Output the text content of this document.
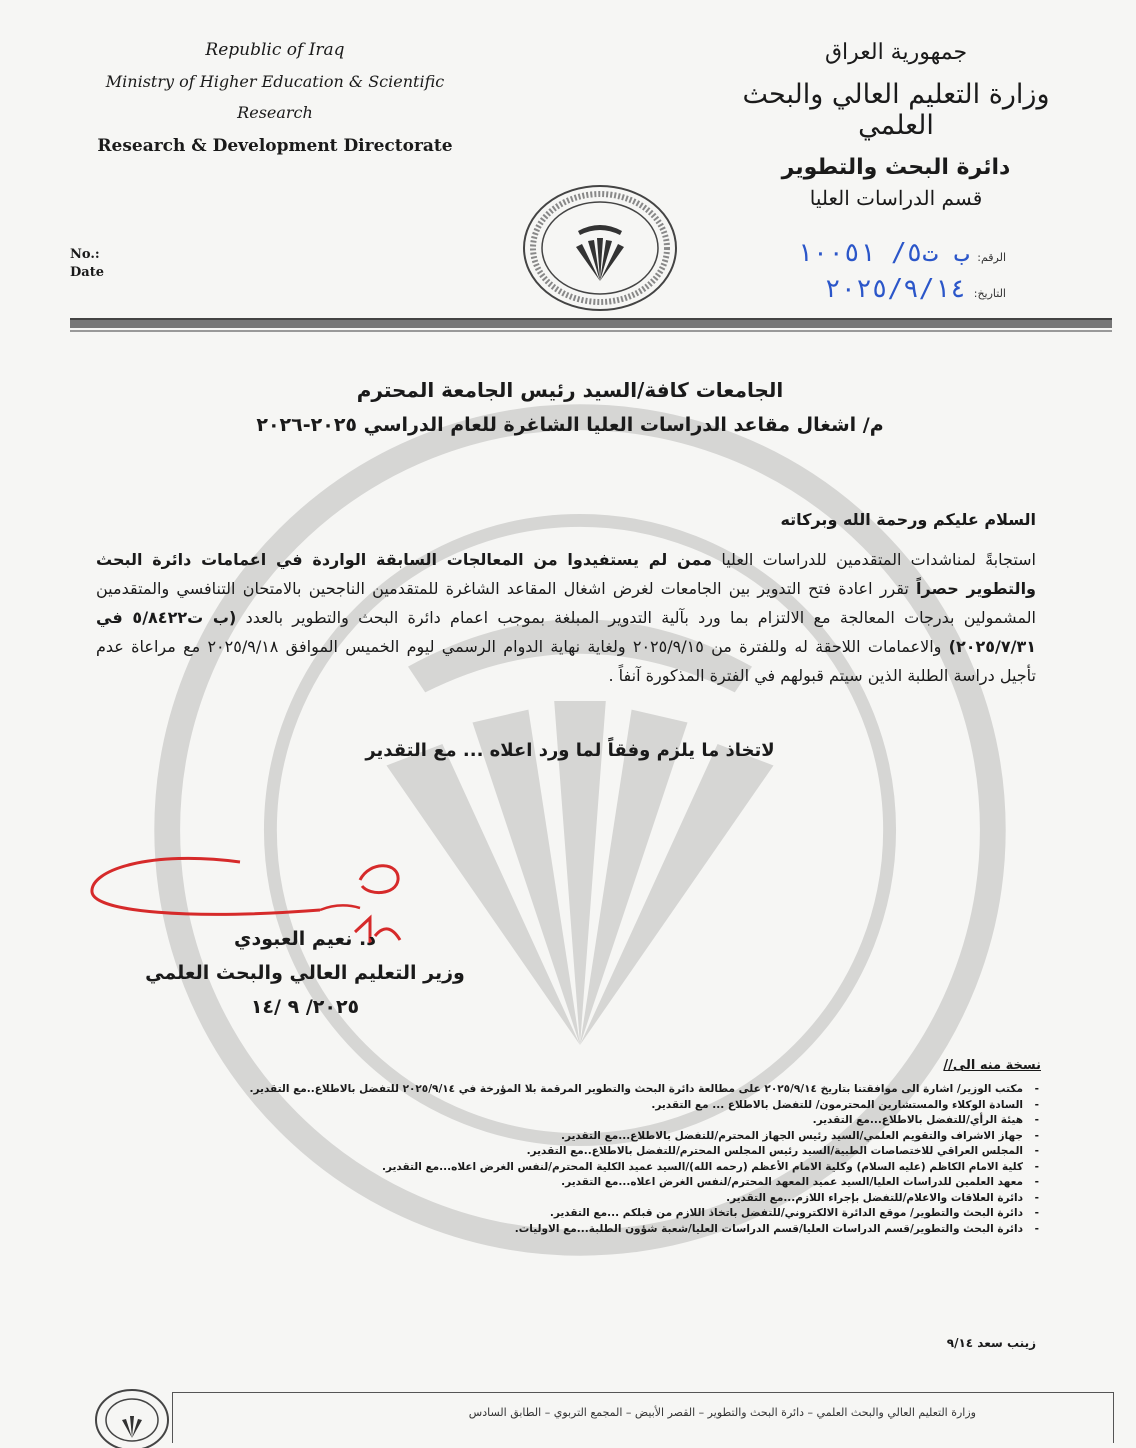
Republic of Iraq
Ministry of Higher Education & Scientific
Research
Research & Development Directorate
No.:
Date
جمهورية العراق
وزارة التعليم العالي والبحث العلمي
دائرة البحث والتطوير
قسم الدراسات العليا
الرقم:
ب ت٥/ ١٠٠٥١
التاريخ:
٢٠٢٥/٩/١٤
الجامعات كافة/السيد رئيس الجامعة المحترم
م/ اشغال مقاعد الدراسات العليا الشاغرة للعام الدراسي ٢٠٢٥-٢٠٢٦
السلام عليكم ورحمة الله وبركاته
استجابةً لمناشدات المتقدمين للدراسات العليا ممن لم يستفيدوا من المعالجات السابقة الواردة في اعمامات دائرة البحث والتطوير حصراً تقرر اعادة فتح التدوير بين الجامعات لغرض اشغال المقاعد الشاغرة للمتقدمين الناجحين بالامتحان التنافسي والمتقدمين المشمولين بدرجات المعالجة مع الالتزام بما ورد بآلية التدوير المبلغة بموجب اعمام دائرة البحث والتطوير بالعدد (ب ت٥/٨٤٢٢ في ٢٠٢٥/٧/٣١) والاعمامات اللاحقة له وللفترة من ٢٠٢٥/٩/١٥ ولغاية نهاية الدوام الرسمي ليوم الخميس الموافق ٢٠٢٥/٩/١٨ مع مراعاة عدم تأجيل دراسة الطلبة الذين سيتم قبولهم في الفترة المذكورة آنفاً .
لاتخاذ ما يلزم وفقاً لما ورد اعلاه ... مع التقدير
د. نعيم العبودي
وزير التعليم العالي والبحث العلمي
٢٠٢٥/ ٩ /١٤
نسخة منه الى//
- مكتب الوزير/ اشارة الى موافقتنا بتاريخ ٢٠٢٥/٩/١٤ على مطالعة دائرة البحث والتطوير المرقمة بلا المؤرخة في ٢٠٢٥/٩/١٤ للتفضل بالاطلاع..مع التقدير.
- السادة الوكلاء والمستشارين المحترمون/ للتفضل بالاطلاع ... مع التقدير.
- هيئة الرأي/للتفضل بالاطلاع...مع التقدير.
- جهاز الاشراف والتقويم العلمي/السيد رئيس الجهاز المحترم/للتفضل بالاطلاع...مع التقدير.
- المجلس العراقي للاختصاصات الطبية/السيد رئيس المجلس المحترم/للتفضل بالاطلاع..مع التقدير.
- كلية الامام الكاظم (عليه السلام) وكلية الامام الأعظم (رحمه الله)/السيد عميد الكلية المحترم/لنفس الغرض اعلاه...مع التقدير.
- معهد العلمين للدراسات العليا/السيد عميد المعهد المحترم/لنفس الغرض اعلاه...مع التقدير.
- دائرة العلاقات والاعلام/للتفضل بإجراء اللازم...مع التقدير.
- دائرة البحث والتطوير/ موقع الدائرة الالكتروني/للتفضل باتخاذ اللازم من قبلكم ...مع التقدير.
- دائرة البحث والتطوير/قسم الدراسات العليا/قسم الدراسات العليا/شعبة شؤون الطلبة...مع الاوليات.
زينب سعد ٩/١٤
وزارة التعليم العالي والبحث العلمي – دائرة البحث والتطوير – القصر الأبيض – المجمع التربوي – الطابق السادس
